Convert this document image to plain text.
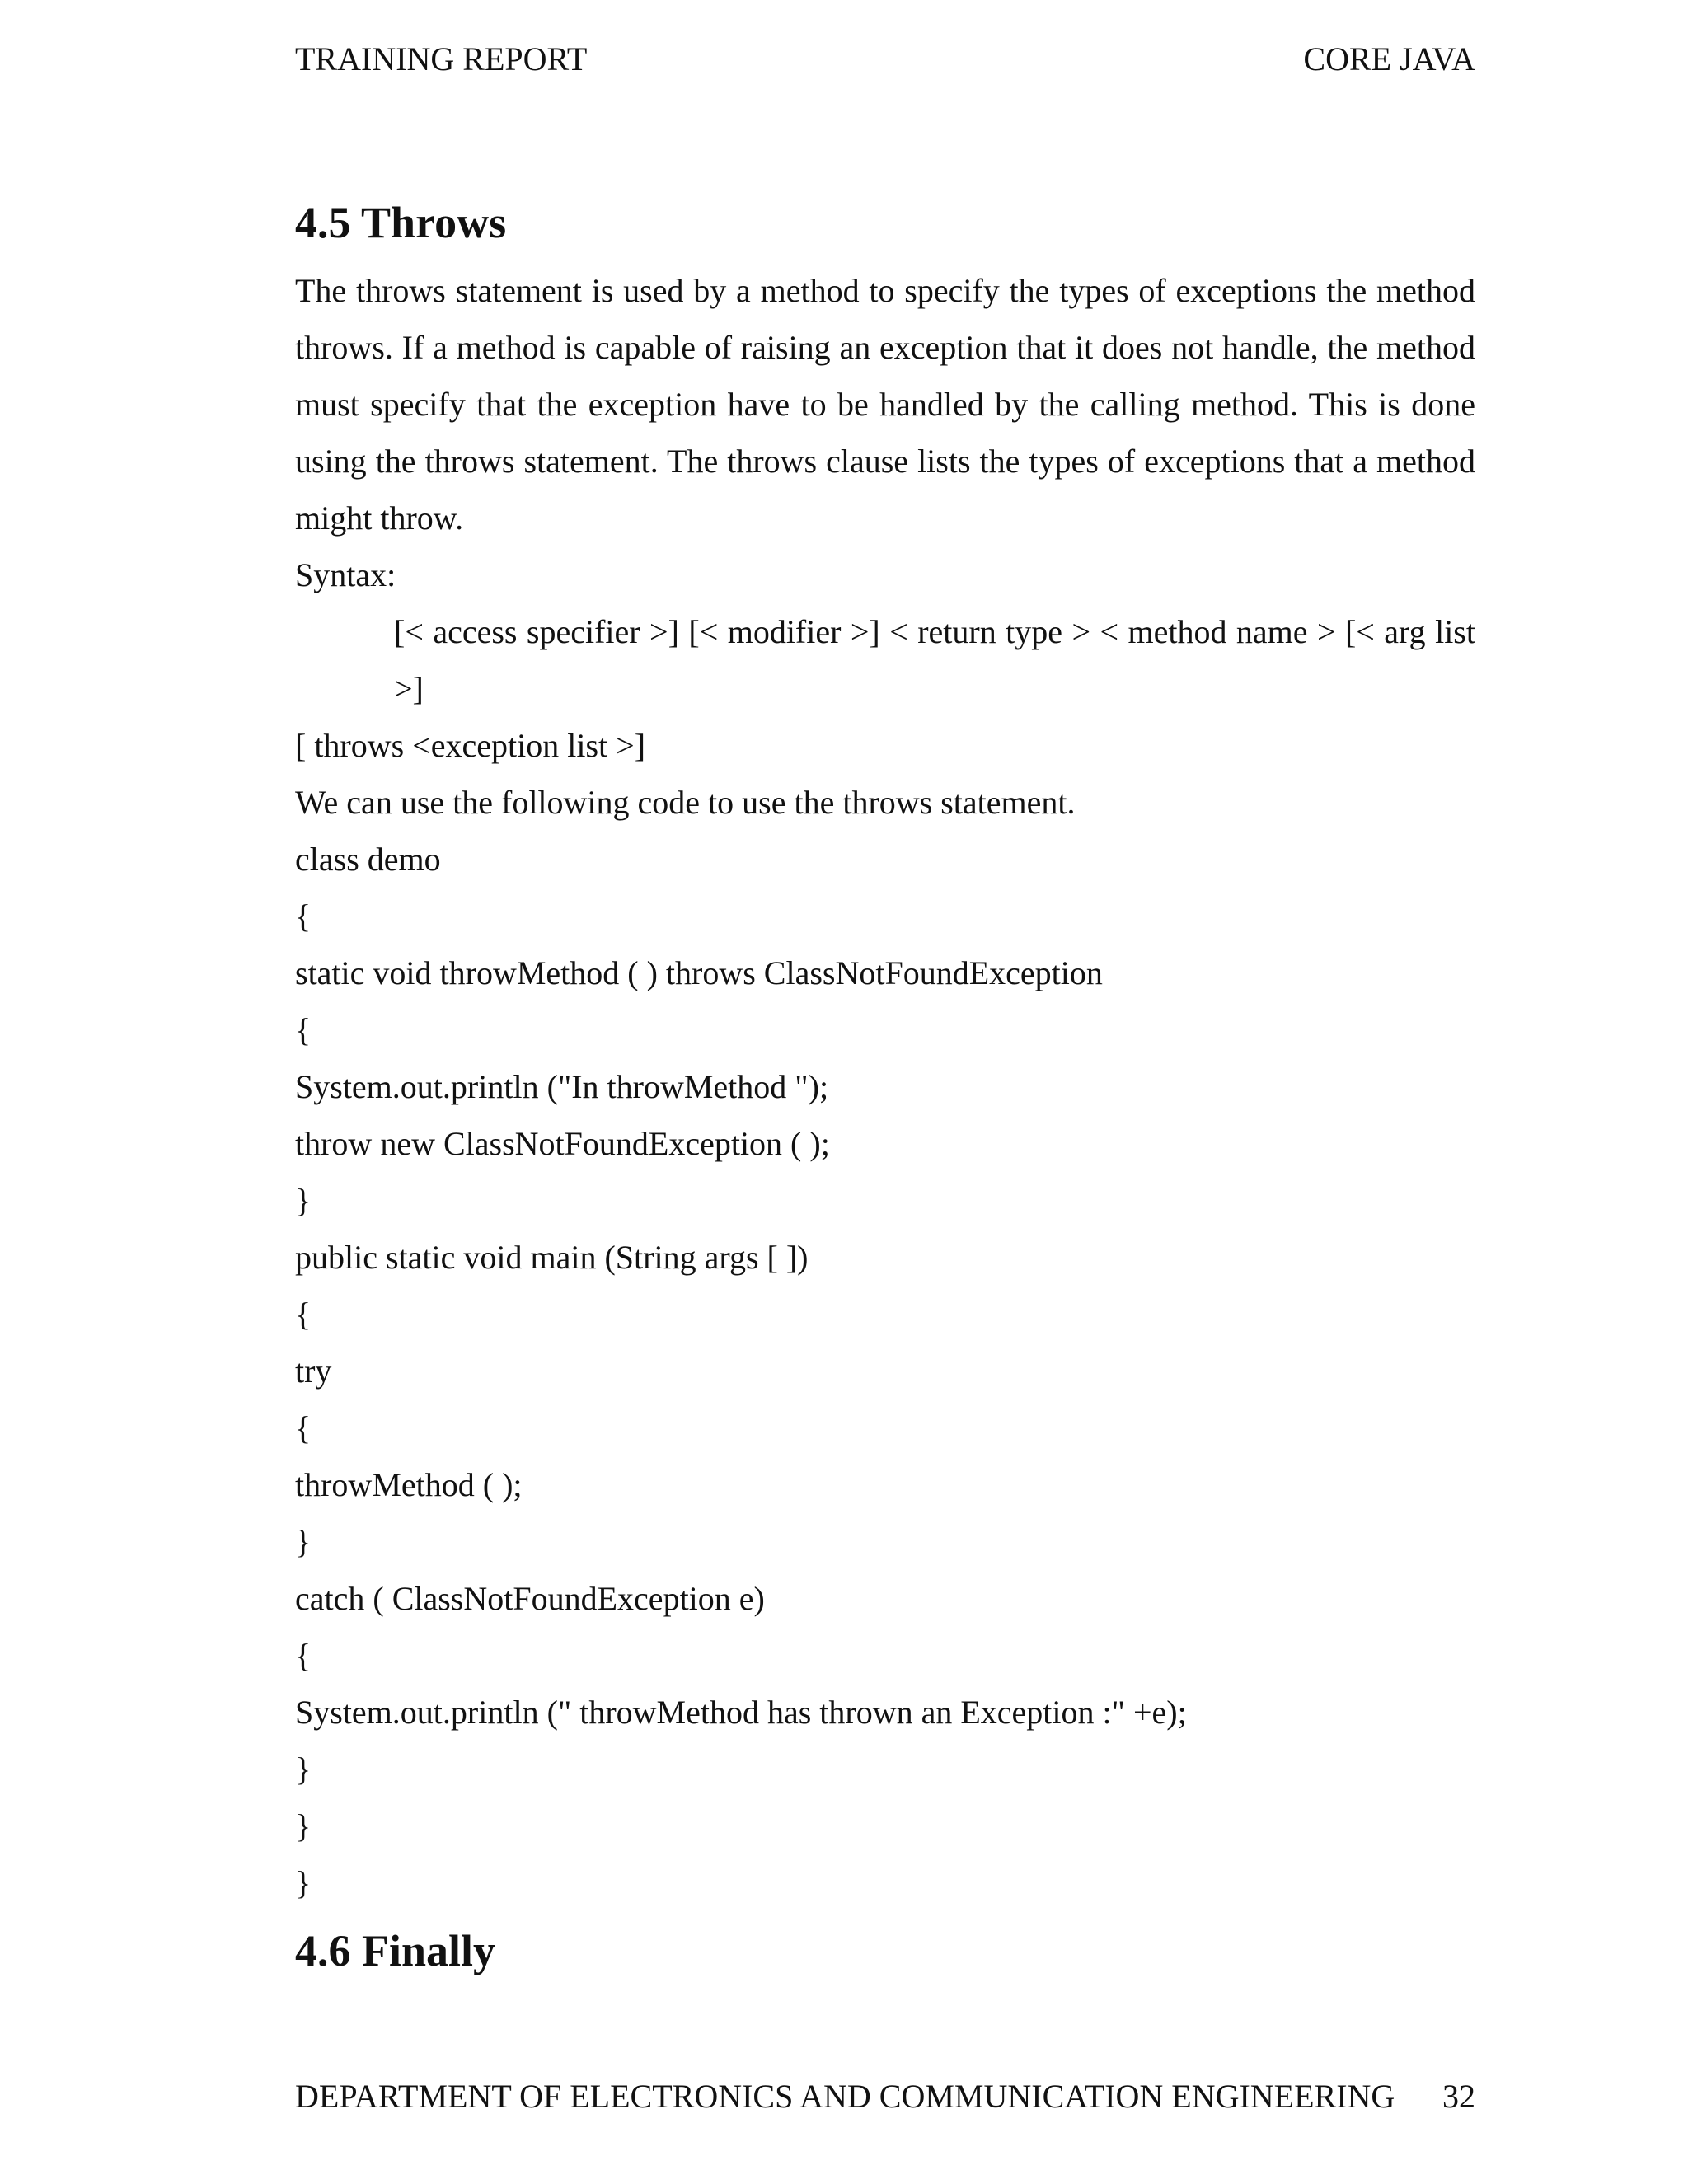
TRAINING REPORT	CORE JAVA
4.5 Throws

The throws statement is used by a method to specify the types of exceptions the method throws. If a method is capable of raising an exception that it does not handle, the method must specify that the exception have to be handled by the calling method. This is done using the throws statement. The throws clause lists the types of exceptions that a method might throw.

Syntax:

[< access specifier >] [< modifier >] < return type > < method name > [< arg list >]

[ throws <exception list >]

We can use the following code to use the throws statement.

class demo

{

static void throwMethod ( ) throws ClassNotFoundException

{

System.out.println ("In throwMethod ");

throw new ClassNotFoundException ( );

}

public static void main (String args [ ])

{

try

{

throwMethod ( );

}

catch ( ClassNotFoundException e)

{

System.out.println (" throwMethod has thrown an Exception :" +e);

}

}

}

4.6 Finally
DEPARTMENT OF ELECTRONICS AND COMMUNICATION ENGINEERING 32
